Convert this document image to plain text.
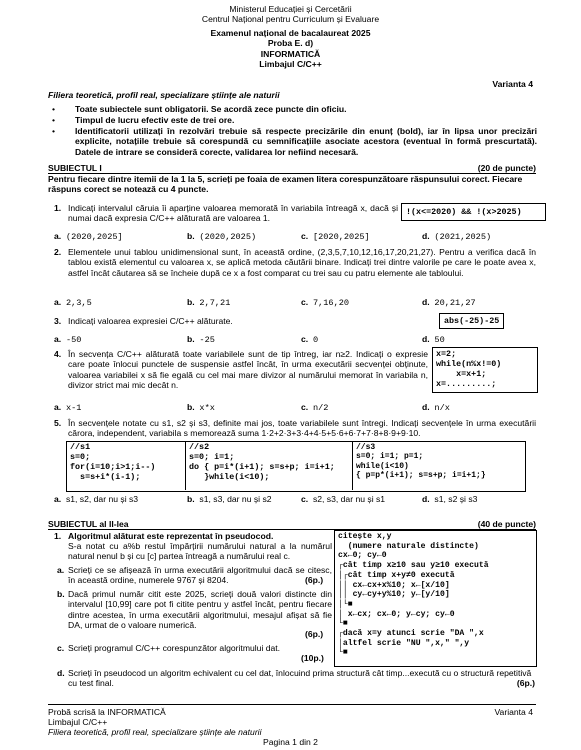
Ministerul Educației și Cercetării
Centrul Național pentru Curriculum și Evaluare
Examenul național de bacalaureat 2025
Proba E. d)
INFORMATICĂ
Limbajul C/C++
Varianta 4
Filiera teoretică, profil real, specializare științe ale naturii
• Toate subiectele sunt obligatorii. Se acordă zece puncte din oficiu.
• Timpul de lucru efectiv este de trei ore.
• Identificatorii utilizați în rezolvări trebuie să respecte precizările din enunț (bold), iar în lipsa unor precizări explicite, notațiile trebuie să corespundă cu semnificațiile asociate acestora (eventual în formă prescurtată). Datele de intrare se consideră corecte, validarea lor nefiind necesară.
SUBIECTUL I	(20 de puncte)
Pentru fiecare dintre itemii de la 1 la 5, scrieți pe foaia de examen litera corespunzătoare răspunsului corect. Fiecare răspuns corect se notează cu 4 puncte.
1. Indicați intervalul căruia îi aparține valoarea memorată în variabila întreagă x, dacă și numai dacă expresia C/C++ alăturată are valoarea 1.
!(x<=2020) && !(x>2025)
a. (2020,2025]	b. (2020,2025)	c. [2020,2025]	d. (2021,2025)
2. Elementele unui tablou unidimensional sunt, în această ordine, (2,3,5,7,10,12,16,17,20,21,27). Pentru a verifica dacă în tablou există elementul cu valoarea x, se aplică metoda căutării binare. Indicați trei dintre valorile pe care le poate avea x, astfel încât căutarea să se încheie după ce x a fost comparat cu trei sau cu patru elemente ale tabloului.
a. 2,3,5	b. 2,7,21	c. 7,16,20	d. 20,21,27
3. Indicați valoarea expresiei C/C++ alăturate.	abs(-25)-25
a. -50	b. -25	c. 0	d. 50
4. În secvența C/C++ alăturată toate variabilele sunt de tip întreg, iar n≥2. Indicați o expresie care poate înlocui punctele de suspensie astfel încât, în urma executării secvenței obținute, valoarea variabilei x să fie egală cu cel mai mare divizor al numărului memorat în variabila n, divizor strict mai mic decât n.
x=2;
while(n%x!=0)
x=x+1;
x=.........;
a. x-1	b. x*x	c. n/2	d. n/x
5. În secvențele notate cu s1, s2 și s3, definite mai jos, toate variabilele sunt întregi. Indicați secvențele în urma executării cărora, independent, variabila s memorează suma 1·2+2·3+3·4+4·5+5·6+6·7+7·8+8·9+9·10.
//s1
s=0;
for(i=10;i>1;i--)
s=s+i*(i-1);
//s2
s=0; i=1;
do { p=i*(i+1); s=s+p; i=i+1;
}while(i<10);
//s3
s=0; i=1; p=1;
while(i<10)
{ p=p*(i+1); s=s+p; i=i+1;}
a. s1, s2, dar nu și s3	b. s1, s3, dar nu și s2	c. s2, s3, dar nu și s1	d. s1, s2 și s3
SUBIECTUL al II-lea	(40 de puncte)
1. Algoritmul alăturat este reprezentat în pseudocod.
S-a notat cu a%b restul împărțirii numărului natural a la numărul natural nenul b și cu [c] partea întreagă a numărului real c.
a. Scrieți ce se afișează în urma executării algoritmului dacă se citesc, în această ordine, numerele 9767 și 8204.	(6p.)
b. Dacă primul număr citit este 2025, scrieți două valori distincte din intervalul [10,99] care pot fi citite pentru y astfel încât, pentru fiecare dintre acestea, în urma executării algoritmului, mesajul afișat să fie DA, urmat de o valoare numerică.
(6p.)
c. Scrieți programul C/C++ corespunzător algoritmului dat.
(10p.)
d. Scrieți în pseudocod un algoritm echivalent cu cel dat, înlocuind prima structură cât timp...execută cu o structură repetitivă cu test final.	(6p.)
citește x,y
(numere naturale distincte)
cx←0; cy←0
┌cât timp x≥10 sau y≥10 execută
│┌cât timp x+y≠0 execută
││ cx←cx+x%10; x←[x/10]
││ cy←cy+y%10; y←[y/10]
│└■
│ x←cx; cx←0; y←cy; cy←0
└■
┌dacă x=y atunci scrie "DA ",x
│altfel scrie "NU ",x," ",y
└■
Probă scrisă la INFORMATICĂ	Varianta 4
Limbajul C/C++
Filiera teoretică, profil real, specializare științe ale naturii
Pagina 1 din 2
